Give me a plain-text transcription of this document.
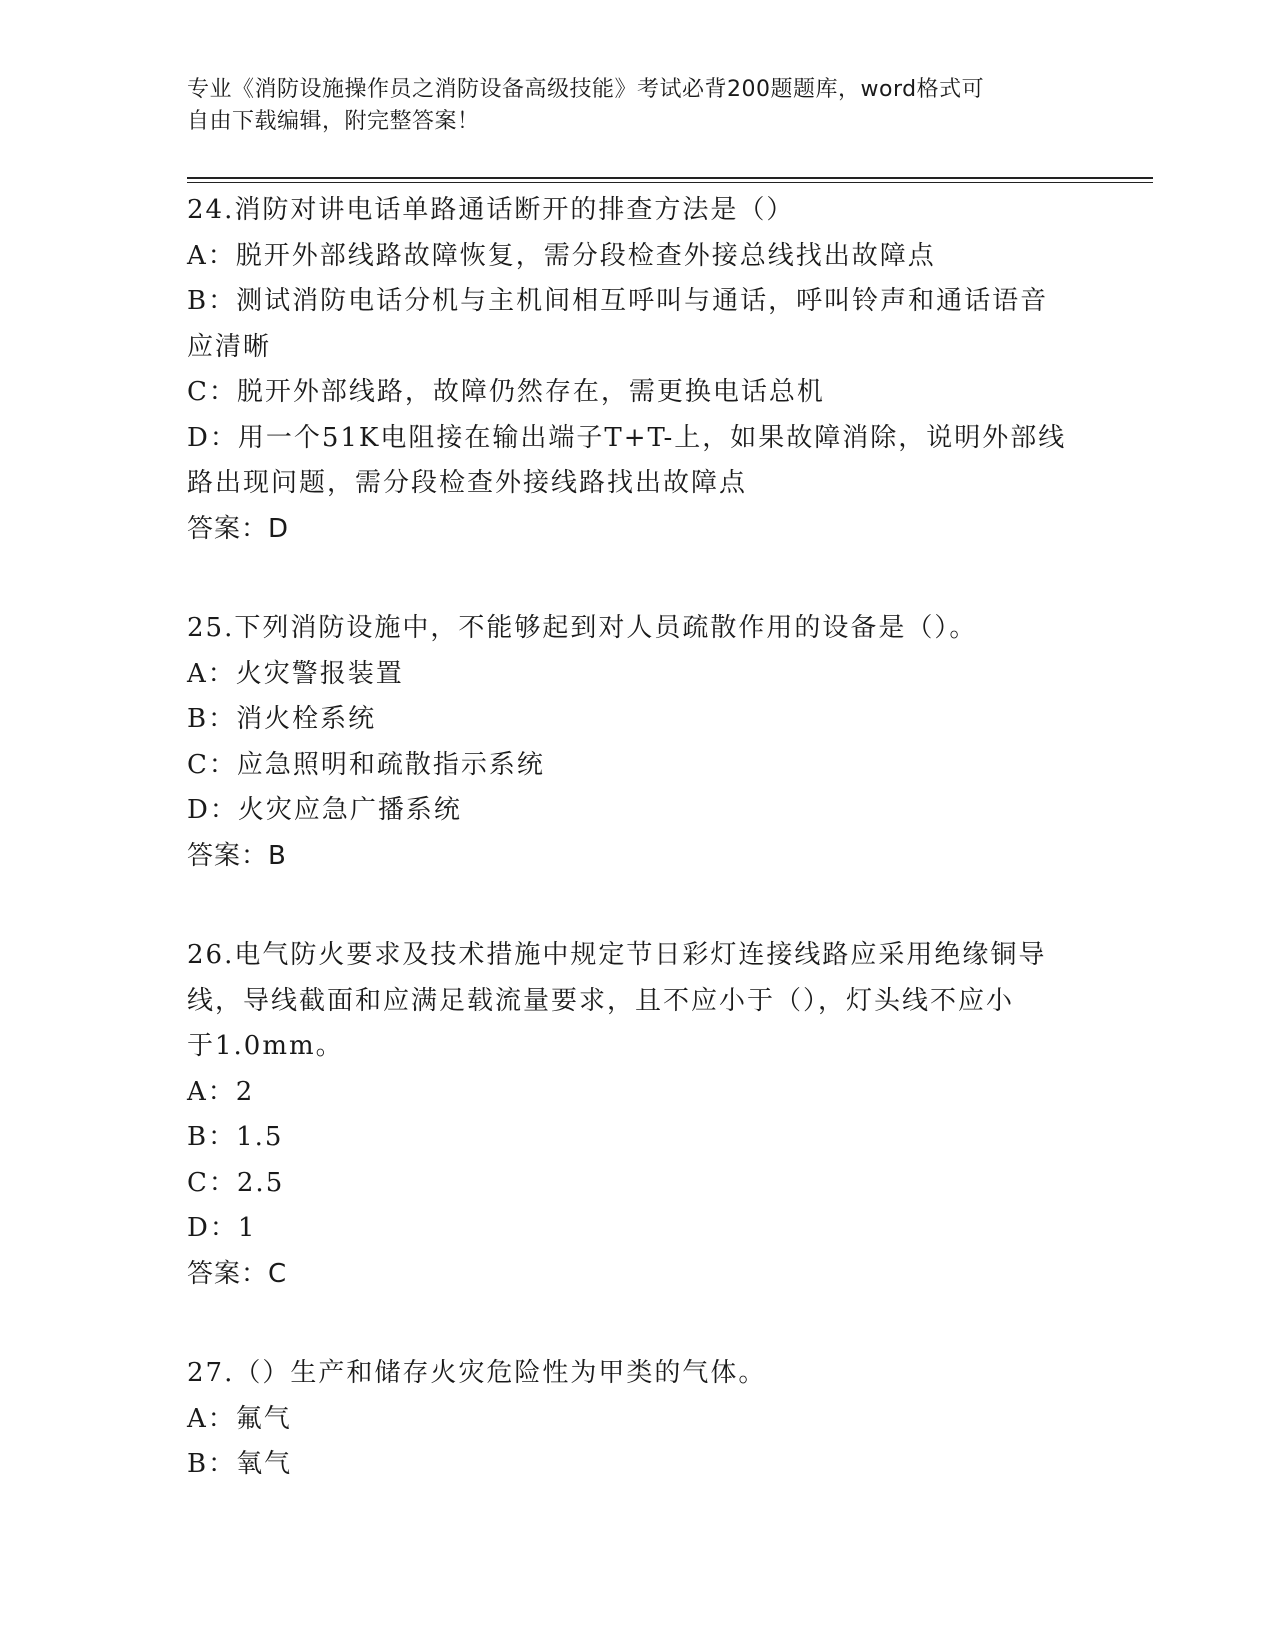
专业《消防设施操作员之消防设备高级技能》考试必背200题题库，word格式可
自由下载编辑，附完整答案！
24.消防对讲电话单路通话断开的排查方法是（）
A：脱开外部线路故障恢复，需分段检查外接总线找出故障点
B：测试消防电话分机与主机间相互呼叫与通话，呼叫铃声和通话语音
应清晰
C：脱开外部线路，故障仍然存在，需更换电话总机
D：用一个51K电阻接在输出端子T+T-上，如果故障消除，说明外部线
路出现问题，需分段检查外接线路找出故障点
答案：D
25.下列消防设施中，不能够起到对人员疏散作用的设备是（）。
A：火灾警报装置
B：消火栓系统
C：应急照明和疏散指示系统
D：火灾应急广播系统
答案：B
26.电气防火要求及技术措施中规定节日彩灯连接线路应采用绝缘铜导
线，导线截面和应满足载流量要求，且不应小于（），灯头线不应小
于1.0mm。
A：2
B：1.5
C：2.5
D：1
答案：C
27.（）生产和储存火灾危险性为甲类的气体。
A：氟气
B：氧气
